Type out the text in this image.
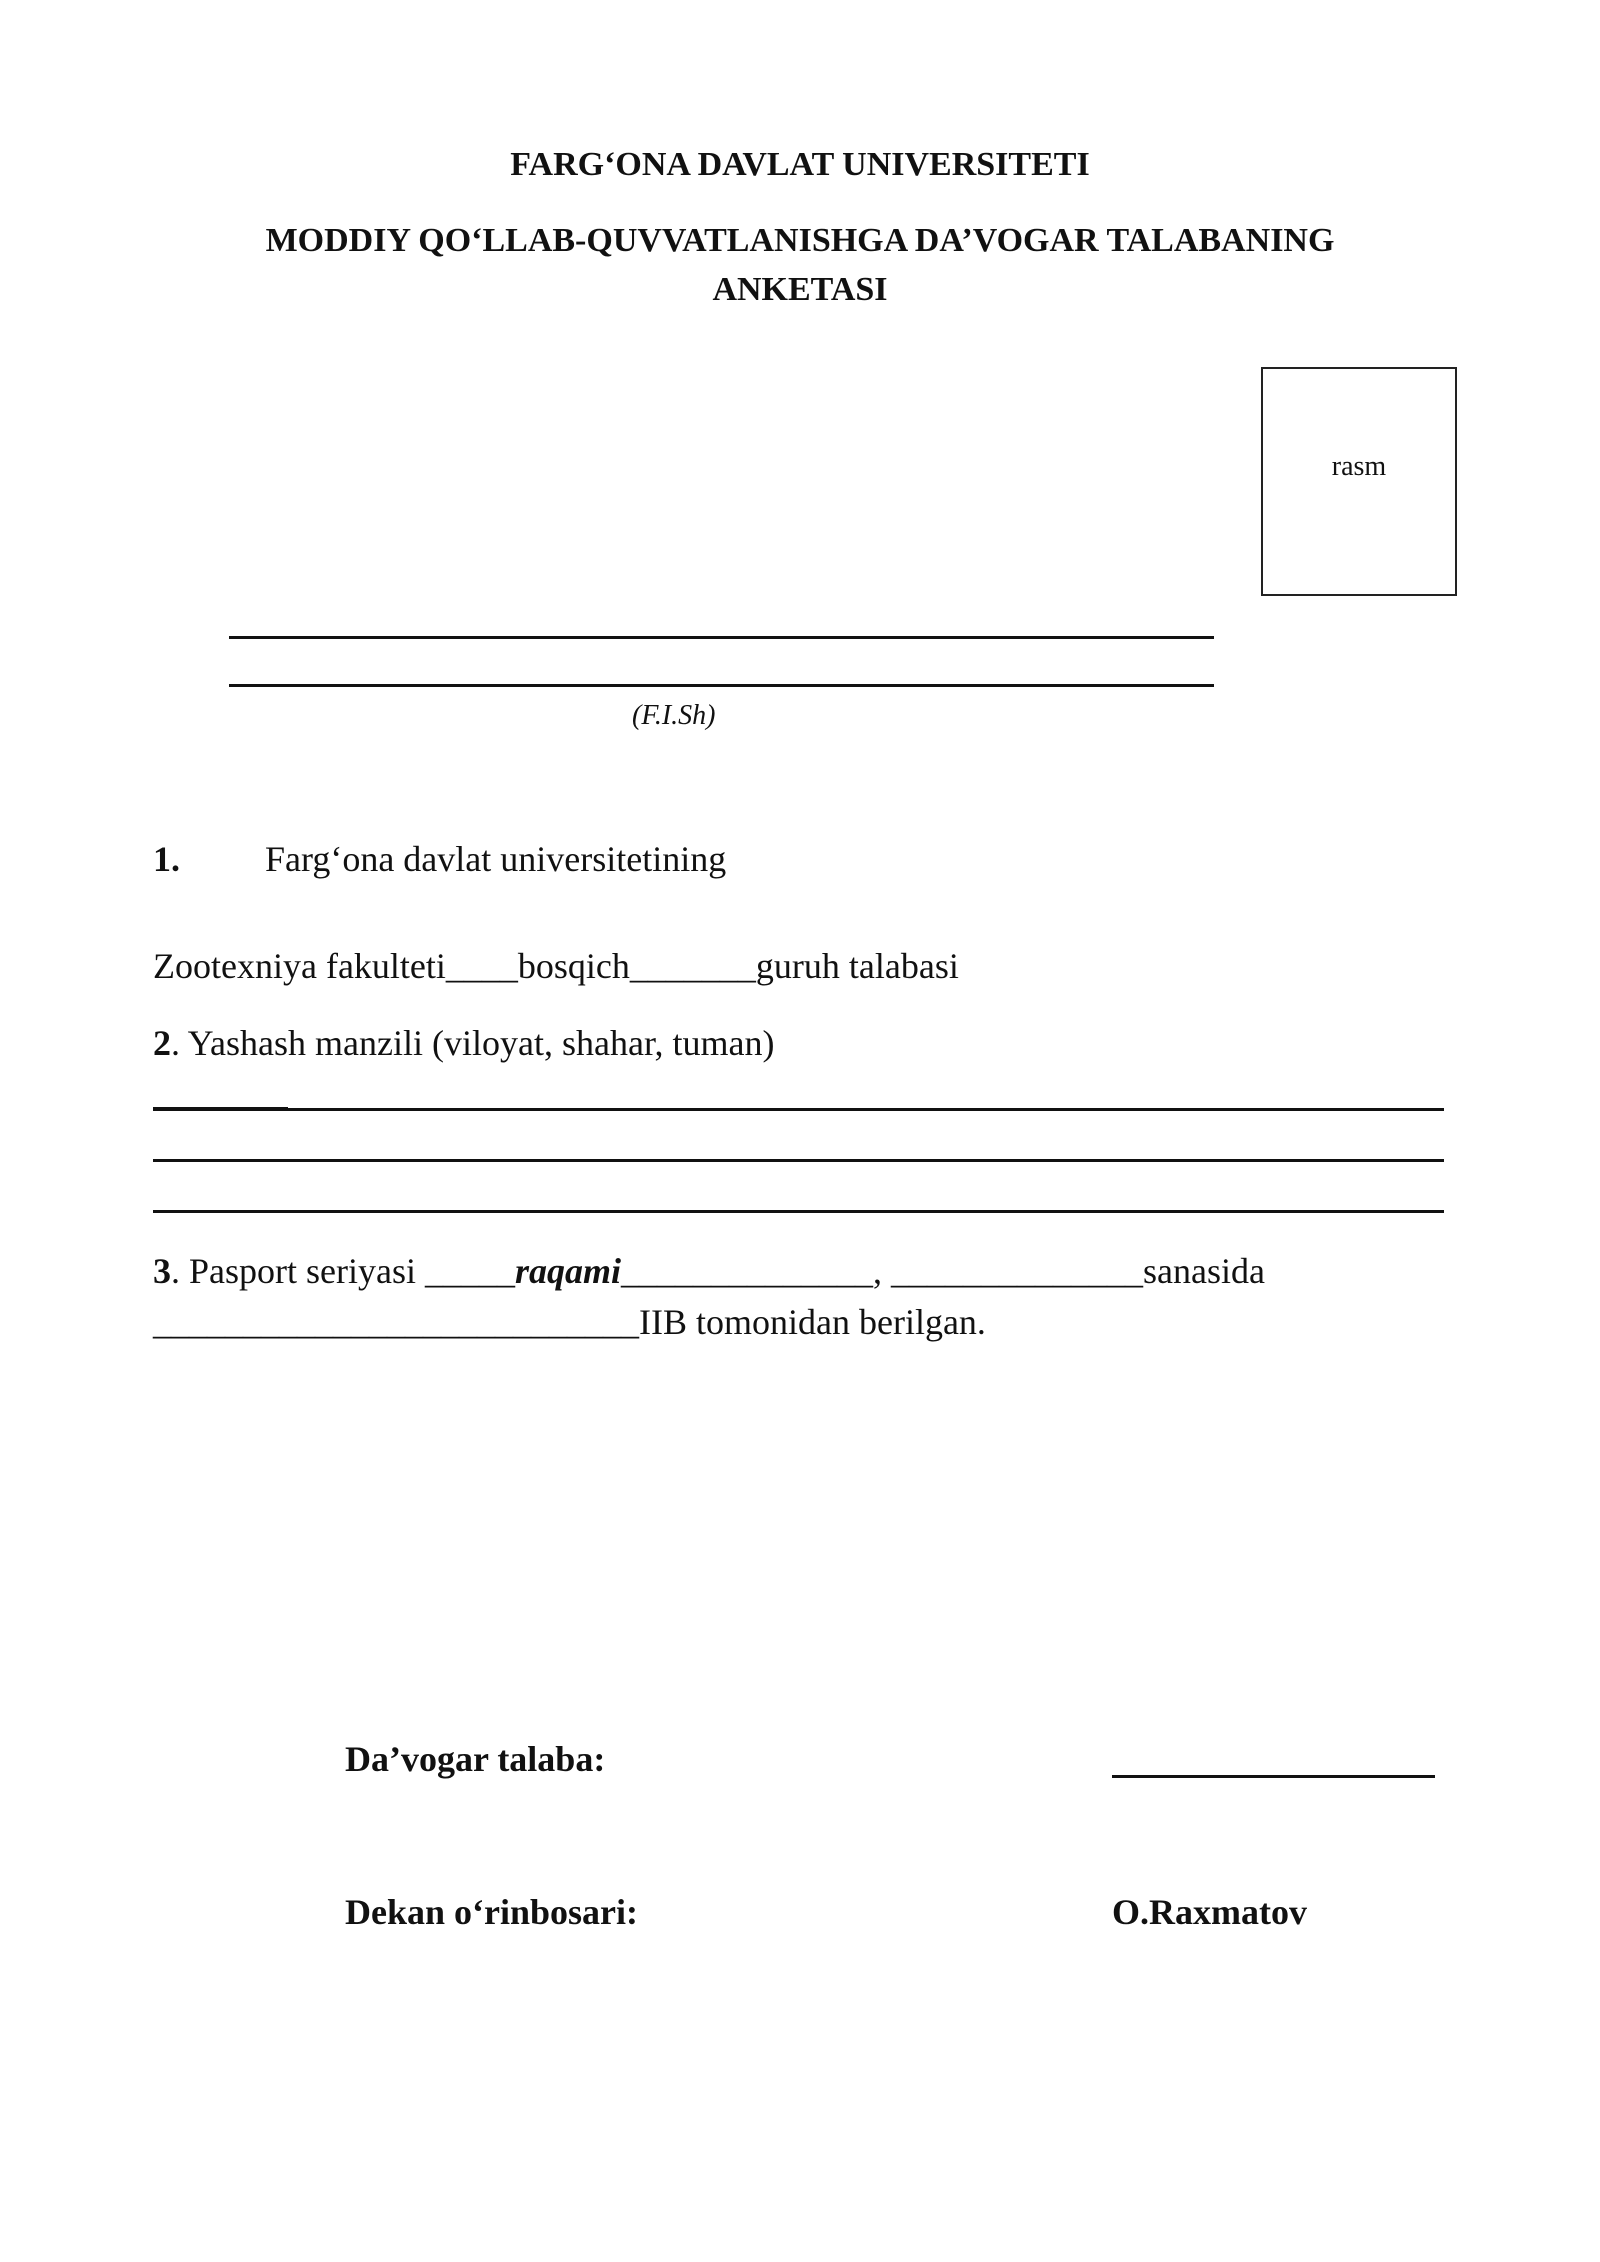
FARG‘ONA DAVLAT UNIVERSITETI
MODDIY QO‘LLAB-QUVVATLANISHGA DA’VOGAR TALABANING
ANKETASI
rasm
(F.I.Sh)
1. Farg‘ona davlat universitetining
Zootexniya fakulteti____bosqich_______guruh talabasi
2. Yashash manzili (viloyat, shahar, tuman)
3. Pasport seriyasi _____raqami______________, ______________sanasida
___________________________IIB tomonidan berilgan.
Da’vogar talaba:
Dekan o‘rinbosari:	O.Raxmatov
